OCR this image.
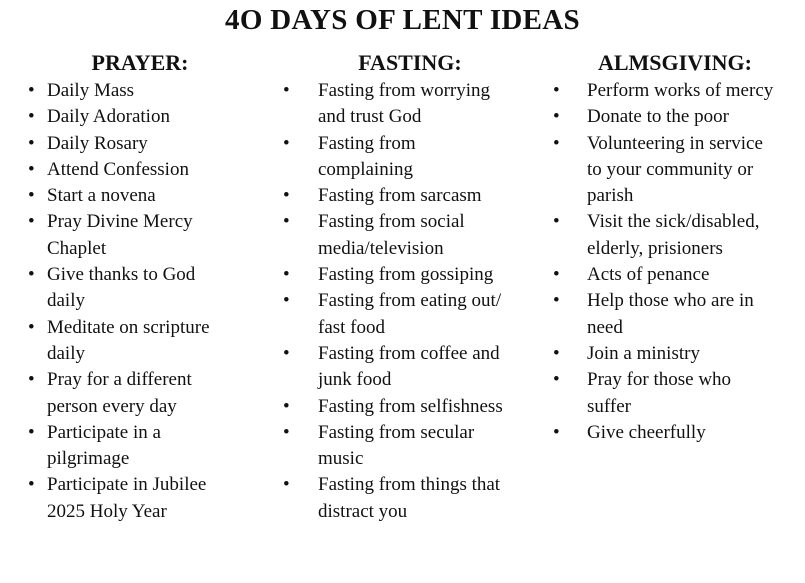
4O DAYS OF LENT IDEAS
PRAYER:
• Daily Mass
• Daily Adoration
• Daily Rosary
• Attend Confession
• Start a novena
• Pray Divine Mercy
Chaplet
• Give thanks to God
daily
• Meditate on scripture
daily
• Pray for a different
person every day
• Participate in a
pilgrimage
• Participate in Jubilee
2025 Holy Year
FASTING:
• Fasting from worrying
and trust God
• Fasting from
complaining
• Fasting from sarcasm
• Fasting from social
media/television
• Fasting from gossiping
• Fasting from eating out/
fast food
• Fasting from coffee and
junk food
• Fasting from selfishness
• Fasting from secular
music
• Fasting from things that
distract you
ALMSGIVING:
• Perform works of mercy
• Donate to the poor
• Volunteering in service
to your community or
parish
• Visit the sick/disabled,
elderly, prisioners
• Acts of penance
• Help those who are in
need
• Join a ministry
• Pray for those who
suffer
• Give cheerfully
